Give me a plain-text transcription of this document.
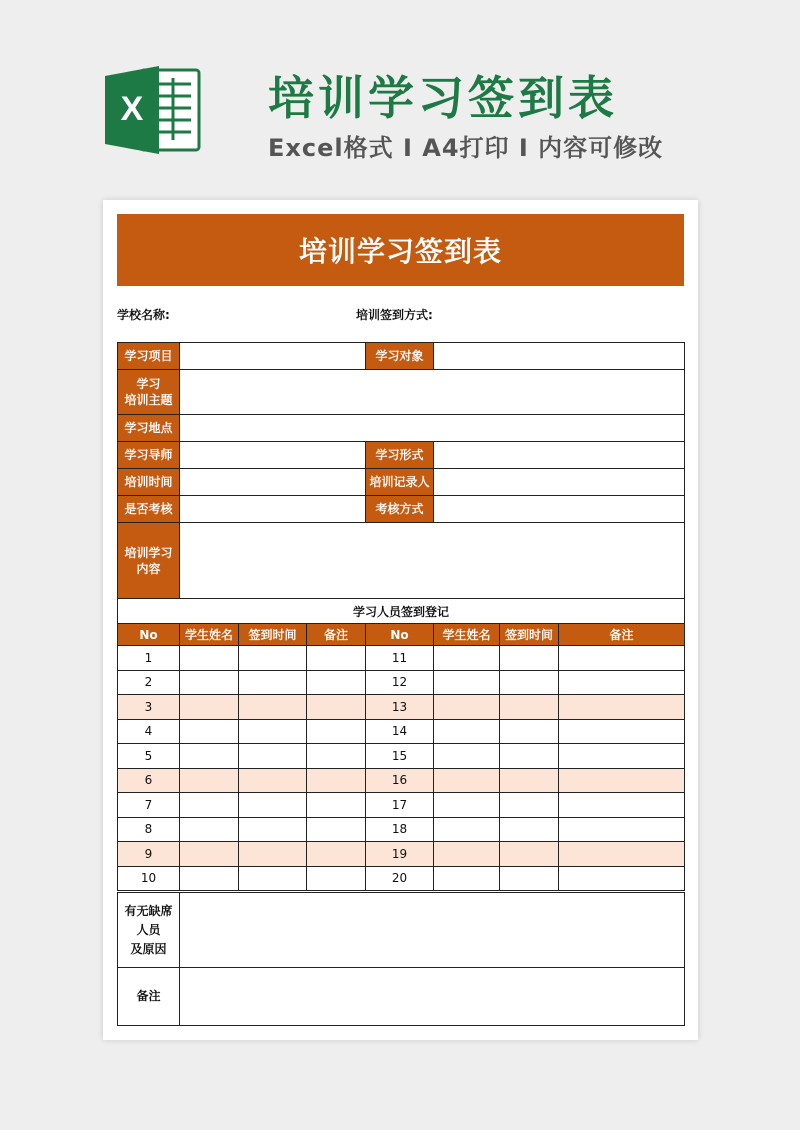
X	培训学习签到表
Excel格式 Ⅰ A4打印 Ⅰ 内容可修改
培训学习签到表
学校名称:	培训签到方式:
学习项目		学习对象	

学习
培训主题			

学习地点			
学习导师		学习形式	
培训时间		培训记录人	
是否考核		考核方式	

培训学习
内容			

学习人员签到登记							
No	学生姓名	签到时间	备注	No	学生姓名	签到时间	备注
1				11			
2				12			
3				13			
4				14			
5				15			
6				16			
7				17			
8				18			
9				19			
10				20			
有无缺席
人员
及原因	

备注	
